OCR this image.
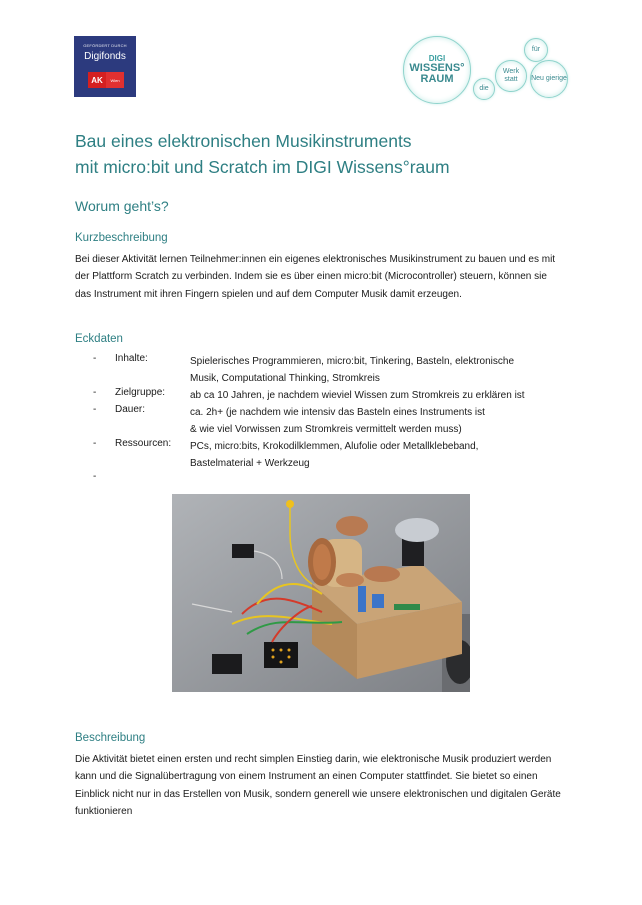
GEFÖRDERT DURCH
Digifonds
AK	Wien
DIGI
WISSENS°
RAUM
die
Werk statt
für
Neu gierige
Bau eines elektronischen Musikinstruments
mit micro:bit und Scratch im DIGI Wissens°raum
Worum geht’s?
Kurzbeschreibung
Bei dieser Aktivität lernen Teilnehmer:innen ein eigenes elektronisches Musikinstrument zu bauen und es mit der Plattform Scratch zu verbinden. Indem sie es über einen micro:bit (Microcontroller) steuern, können sie das Instrument mit ihren Fingern spielen und auf dem Computer Musik damit erzeugen.
Eckdaten
- Inhalte:	Spielerisches Programmieren, micro:bit, Tinkering, Basteln, elektronische
Musik, Computational Thinking, Stromkreis
- Zielgruppe: ab ca 10 Jahren, je nachdem wieviel Wissen zum Stromkreis zu erklären ist
- Dauer:	ca. 2h+ (je nachdem wie intensiv das Basteln eines Instruments ist
& wie viel Vorwissen zum Stromkreis vermittelt werden muss)
- Ressourcen: PCs, micro:bits, Krokodilklemmen, Alufolie oder Metallklebeband,
Bastelmaterial + Werkzeug
-
Beschreibung
Die Aktivität bietet einen ersten und recht simplen Einstieg darin, wie elektronische Musik produziert werden kann und die Signalübertragung von einem Instrument an einen Computer stattfindet. Sie bietet so einen Einblick nicht nur in das Erstellen von Musik, sondern generell wie unsere elektronischen und digitalen Geräte funktionieren
